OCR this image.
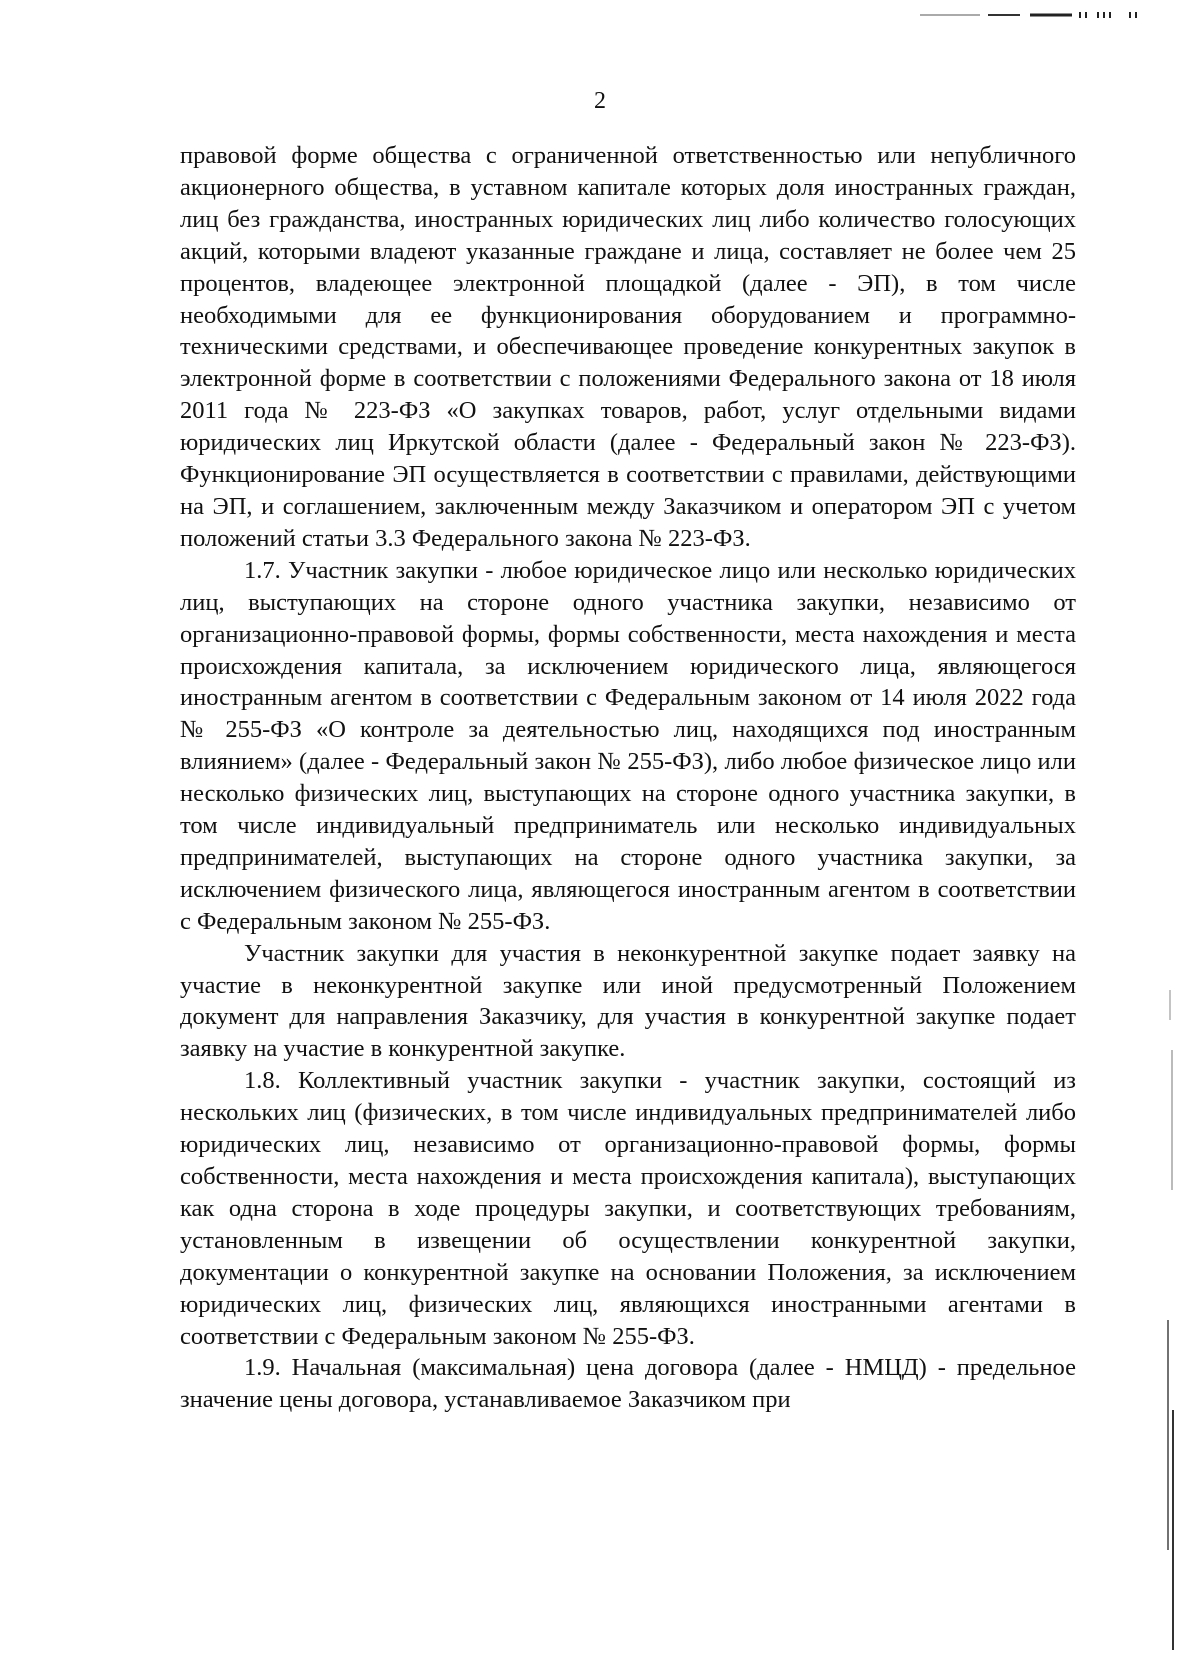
2

правовой форме общества с ограниченной ответственностью или непубличного акционерного общества, в уставном капитале которых доля иностранных граждан, лиц без гражданства, иностранных юридических лиц либо количество голосующих акций, которыми владеют указанные граждане и лица, составляет не более чем 25 процентов, владеющее электронной площадкой (далее - ЭП), в том числе необходимыми для ее функционирования оборудованием и программно-техническими средствами, и обеспечивающее проведение конкурентных закупок в электронной форме в соответствии с положениями Федерального закона от 18 июля 2011 года № 223-ФЗ «О закупках товаров, работ, услуг отдельными видами юридических лиц Иркутской области (далее - Федеральный закон № 223-ФЗ). Функционирование ЭП осуществляется в соответствии с правилами, действующими на ЭП, и соглашением, заключенным между Заказчиком и оператором ЭП с учетом положений статьи 3.3 Федерального закона № 223-ФЗ.

1.7. Участник закупки - любое юридическое лицо или несколько юридических лиц, выступающих на стороне одного участника закупки, независимо от организационно-правовой формы, формы собственности, места нахождения и места происхождения капитала, за исключением юридического лица, являющегося иностранным агентом в соответствии с Федеральным законом от 14 июля 2022 года № 255-ФЗ «О контроле за деятельностью лиц, находящихся под иностранным влиянием» (далее - Федеральный закон № 255-ФЗ), либо любое физическое лицо или несколько физических лиц, выступающих на стороне одного участника закупки, в том числе индивидуальный предприниматель или несколько индивидуальных предпринимателей, выступающих на стороне одного участника закупки, за исключением физического лица, являющегося иностранным агентом в соответствии с Федеральным законом № 255-ФЗ.

Участник закупки для участия в неконкурентной закупке подает заявку на участие в неконкурентной закупке или иной предусмотренный Положением документ для направления Заказчику, для участия в конкурентной закупке подает заявку на участие в конкурентной закупке.

1.8. Коллективный участник закупки - участник закупки, состоящий из нескольких лиц (физических, в том числе индивидуальных предпринимателей либо юридических лиц, независимо от организационно-правовой формы, формы собственности, места нахождения и места происхождения капитала), выступающих как одна сторона в ходе процедуры закупки, и соответствующих требованиям, установленным в извещении об осуществлении конкурентной закупки, документации о конкурентной закупке на основании Положения, за исключением юридических лиц, физических лиц, являющихся иностранными агентами в соответствии с Федеральным законом № 255-ФЗ.

1.9. Начальная (максимальная) цена договора (далее - НМЦД) - предельное значение цены договора, устанавливаемое Заказчиком при
